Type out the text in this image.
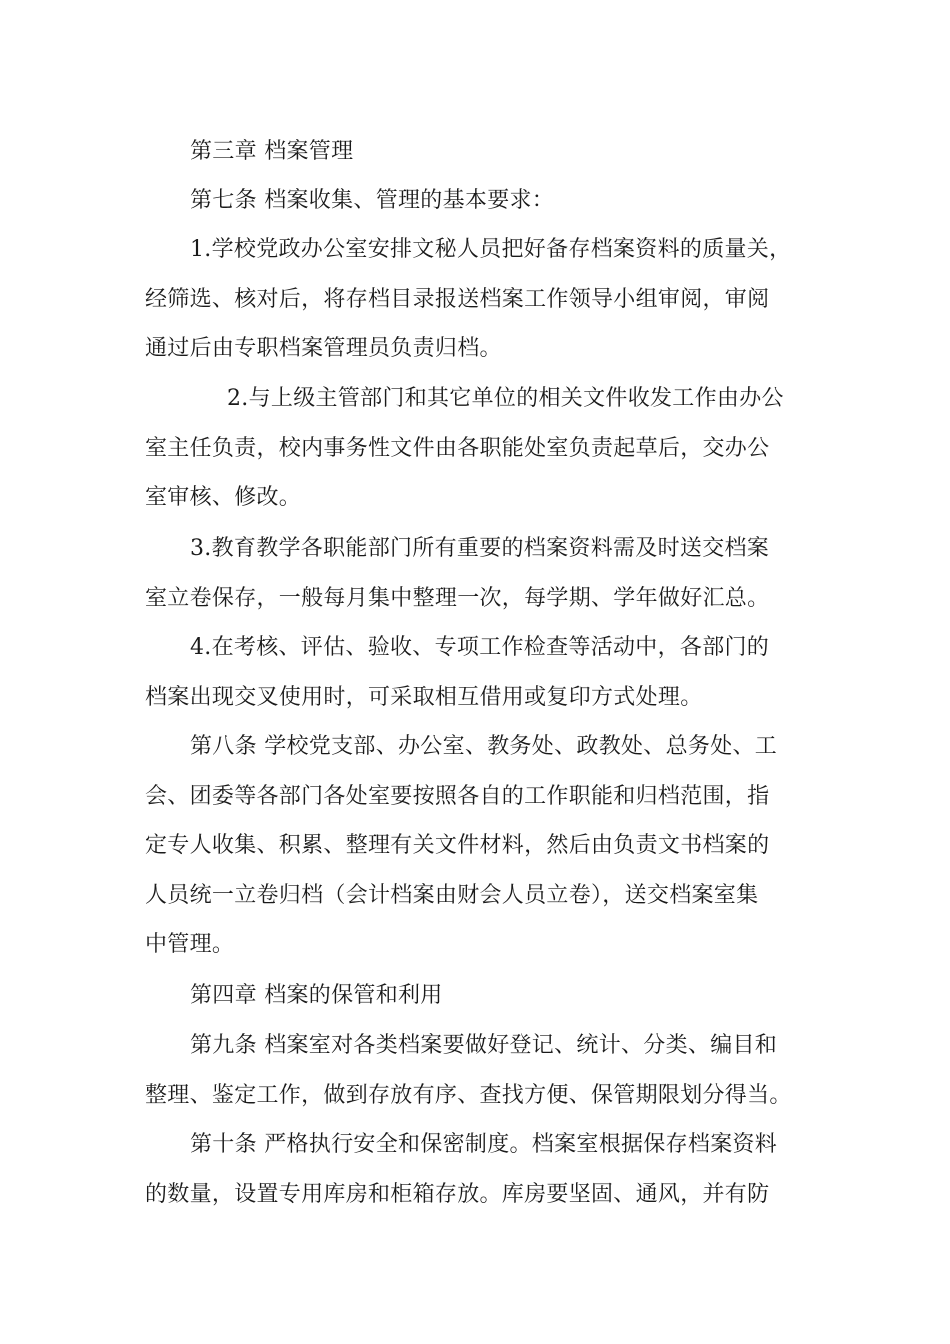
第三章 档案管理

第七条 档案收集、管理的基本要求：

1.学校党政办公室安排文秘人员把好备存档案资料的质量关，
经筛选、核对后，将存档目录报送档案工作领导小组审阅，审阅
通过后由专职档案管理员负责归档。
2.与上级主管部门和其它单位的相关文件收发工作由办公
室主任负责，校内事务性文件由各职能处室负责起草后，交办公
室审核、修改。
3.教育教学各职能部门所有重要的档案资料需及时送交档案
室立卷保存，一般每月集中整理一次，每学期、学年做好汇总。
4.在考核、评估、验收、专项工作检查等活动中，各部门的
档案出现交叉使用时，可采取相互借用或复印方式处理。
第八条 学校党支部、办公室、教务处、政教处、总务处、工
会、团委等各部门各处室要按照各自的工作职能和归档范围，指
定专人收集、积累、整理有关文件材料，然后由负责文书档案的
人员统一立卷归档（会计档案由财会人员立卷），送交档案室集
中管理。

第四章 档案的保管和利用

第九条 档案室对各类档案要做好登记、统计、分类、编目和
整理、鉴定工作，做到存放有序、查找方便、保管期限划分得当。
第十条 严格执行安全和保密制度。档案室根据保存档案资料
的数量，设置专用库房和柜箱存放。库房要坚固、通风，并有防
